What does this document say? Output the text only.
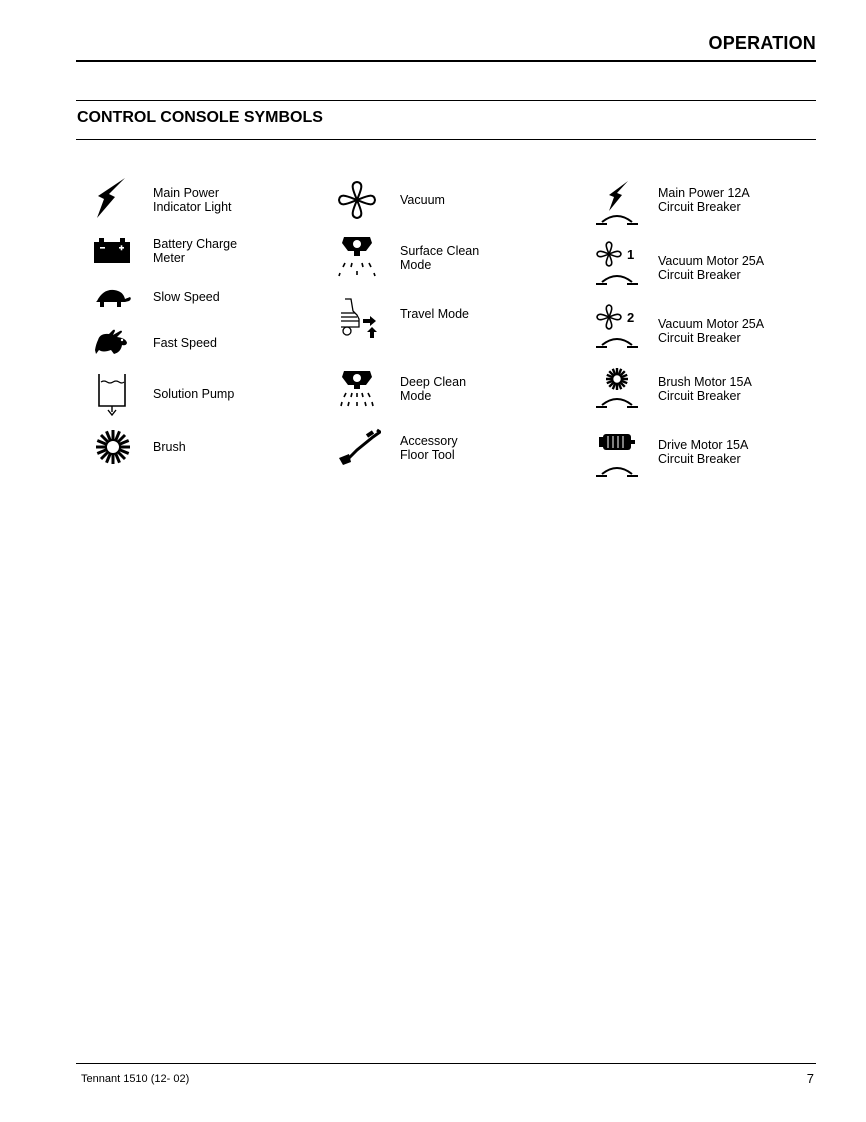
OPERATION
CONTROL CONSOLE SYMBOLS
Main Power
Indicator Light
Battery Charge
Meter
Slow Speed
Fast Speed
Solution Pump
Brush
Vacuum
Surface Clean
Mode
Travel Mode
Deep Clean
Mode
Accessory
Floor Tool
Main Power 12A
Circuit Breaker
1 Vacuum Motor 25A
Circuit Breaker
2 Vacuum Motor 25A
Circuit Breaker
Brush Motor 15A
Circuit Breaker
Drive Motor 15A
Circuit Breaker
Tennant 1510 (12- 02)	7
